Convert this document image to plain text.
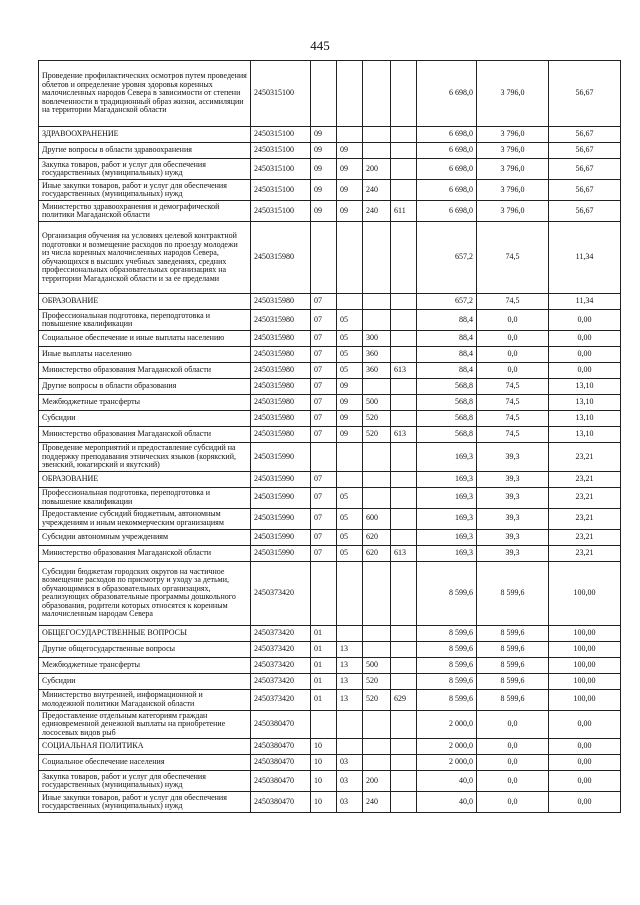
445
Проведение профилактических осмотров путем проведения облетов и определение уровня здоровья коренных малочисленных народов Севера в зависимости от степени вовлеченности в традиционный образ жизни, ассимиляции на территории Магаданской области	2450315100					6 698,0	3 796,0	56,67
ЗДРАВООХРАНЕНИЕ	2450315100	09				6 698,0	3 796,0	56,67
Другие вопросы в области здравоохранения	2450315100	09	09			6 698,0	3 796,0	56,67
Закупка товаров, работ и услуг для обеспечения государственных (муниципальных) нужд	2450315100	09	09	200		6 698,0	3 796,0	56,67
Иные закупки товаров, работ и услуг для обеспечения государственных (муниципальных) нужд	2450315100	09	09	240		6 698,0	3 796,0	56,67
Министерство здравоохранения и демографической политики Магаданской области	2450315100	09	09	240	611	6 698,0	3 796,0	56,67
Организация обучения на условиях целевой контрактной подготовки и возмещение расходов по проезду молодежи из числа коренных малочисленных народов Севера, обучающихся в высших учебных заведениях, средних профессиональных образовательных организациях на территории Магаданской области и за ее пределами	2450315980					657,2	74,5	11,34
ОБРАЗОВАНИЕ	2450315980	07				657,2	74,5	11,34
Профессиональная подготовка, переподготовка и повышение квалификации	2450315980	07	05			88,4	0,0	0,00
Социальное обеспечение и иные выплаты населению	2450315980	07	05	300		88,4	0,0	0,00
Иные выплаты населению	2450315980	07	05	360		88,4	0,0	0,00
Министерство образования Магаданской области	2450315980	07	05	360	613	88,4	0,0	0,00
Другие вопросы в области образования	2450315980	07	09			568,8	74,5	13,10
Межбюджетные трансферты	2450315980	07	09	500		568,8	74,5	13,10
Субсидии	2450315980	07	09	520		568,8	74,5	13,10
Министерство образования Магаданской области	2450315980	07	09	520	613	568,8	74,5	13,10
Проведение мероприятий и предоставление субсидий на поддержку преподавания этнических языков (корякский, эвенский, юкагирский и якутский)	2450315990					169,3	39,3	23,21
ОБРАЗОВАНИЕ	2450315990	07				169,3	39,3	23,21
Профессиональная подготовка, переподготовка и повышение квалификации	2450315990	07	05			169,3	39,3	23,21
Предоставление субсидий бюджетным, автономным учреждениям и иным некоммерческим организациям	2450315990	07	05	600		169,3	39,3	23,21
Субсидии автономным учреждениям	2450315990	07	05	620		169,3	39,3	23,21
Министерство образования Магаданской области	2450315990	07	05	620	613	169,3	39,3	23,21
Субсидии бюджетам городских округов на частичное возмещение расходов по присмотру и уходу за детьми, обучающимися в образовательных организациях, реализующих образовательные программы дошкольного образования, родители которых относятся к коренным малочисленным народам Севера	2450373420					8 599,6	8 599,6	100,00
ОБЩЕГОСУДАРСТВЕННЫЕ ВОПРОСЫ	2450373420	01				8 599,6	8 599,6	100,00
Другие общегосударственные вопросы	2450373420	01	13			8 599,6	8 599,6	100,00
Межбюджетные трансферты	2450373420	01	13	500		8 599,6	8 599,6	100,00
Субсидии	2450373420	01	13	520		8 599,6	8 599,6	100,00
Министерство внутренней, информационной и молодежной политики Магаданской области	2450373420	01	13	520	629	8 599,6	8 599,6	100,00
Предоставление отдельным категориям граждан единовременной денежной выплаты на приобретение лососевых видов рыб	2450380470					2 000,0	0,0	0,00
СОЦИАЛЬНАЯ ПОЛИТИКА	2450380470	10				2 000,0	0,0	0,00
Социальное обеспечение населения	2450380470	10	03			2 000,0	0,0	0,00
Закупка товаров, работ и услуг для обеспечения государственных (муниципальных) нужд	2450380470	10	03	200		40,0	0,0	0,00
Иные закупки товаров, работ и услуг для обеспечения государственных (муниципальных) нужд	2450380470	10	03	240		40,0	0,0	0,00
